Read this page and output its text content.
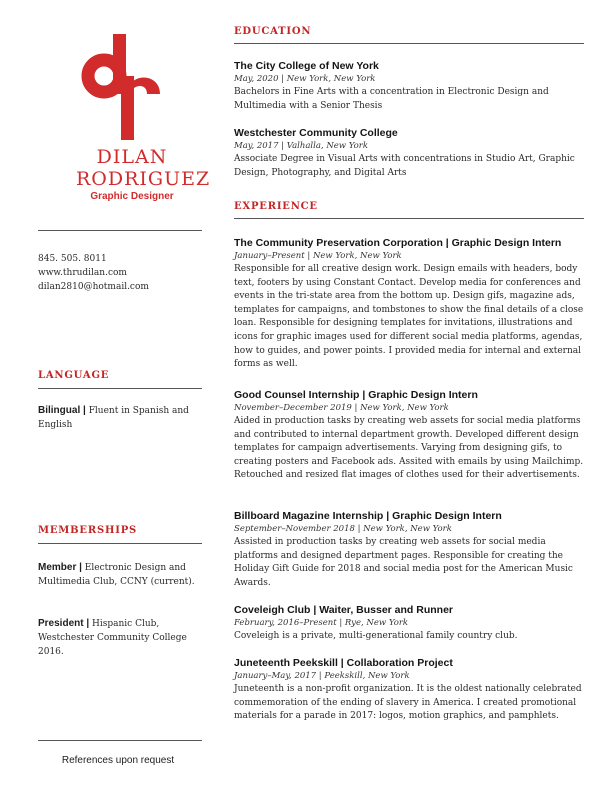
DILAN
RODRIGUEZ
Graphic Designer
845. 505. 8011
www.thrudilan.com
dilan2810@hotmail.com
LANGUAGE
Bilingual | Fluent in Spanish and English
MEMBERSHIPS
Member | Electronic Design and Multimedia Club, CCNY (current).
President | Hispanic Club, Westchester Community College 2016.
References upon request
EDUCATION
The City College of New York
May, 2020 | New York, New York
Bachelors in Fine Arts with a concentration in Electronic Design and Multimedia with a Senior Thesis
Westchester Community College
May, 2017 | Valhalla, New York
Associate Degree in Visual Arts with concentrations in Studio Art, Graphic Design, Photography, and Digital Arts
EXPERIENCE
The Community Preservation Corporation | Graphic Design Intern
January–Present | New York, New York
Responsible for all creative design work. Design emails with headers, body text, footers by using Constant Contact. Develop media for conferences and events in the tri-state area from the bottom up. Design gifs, magazine ads, templates for campaigns, and tombstones to show the final details of a close loan. Responsible for designing templates for invitations, illustrations and icons for graphic images used for different social media platforms, agendas, how to guides, and power points. I provided media for internal and external forms as well.
Good Counsel Internship | Graphic Design Intern
November–December 2019 | New York, New York
Aided in production tasks by creating web assets for social media platforms and contributed to internal department growth. Developed different design templates for campaign advertisements. Varying from designing gifs, to creating posters and Facebook ads. Assited with emails by using Mailchimp. Retouched and resized flat images of clothes used for their advertisements.
Billboard Magazine Internship | Graphic Design Intern
September–November 2018 | New York, New York
Assisted in production tasks by creating web assets for social media platforms and designed department pages. Responsible for creating the Holiday Gift Guide for 2018 and social media post for the American Music Awards.
Coveleigh Club | Waiter, Busser and Runner
February, 2016–Present | Rye, New York
Coveleigh is a private, multi-generational family country club.
Juneteenth Peekskill | Collaboration Project
January–May, 2017 | Peekskill, New York
Juneteenth is a non-profit organization. It is the oldest nationally celebrated commemoration of the ending of slavery in America. I created promotional materials for a parade in 2017: logos, motion graphics, and pamphlets.
